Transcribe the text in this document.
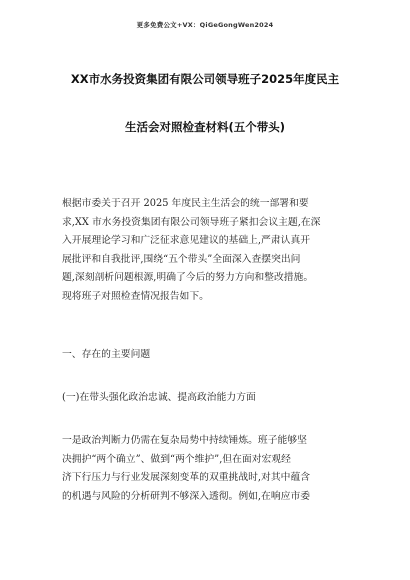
更多免费公文+VX：QiGeGongWen2024
XX市水务投资集团有限公司领导班子2025年度民主
生活会对照检查材料(五个带头)
根据市委关于召开 2025 年度民主生活会的统一部署和要
求,XX 市水务投资集团有限公司领导班子紧扣会议主题,在深
入开展理论学习和广泛征求意见建议的基础上,严肃认真开
展批评和自我批评,围绕“五个带头”全面深入查摆突出问
题,深刻剖析问题根源,明确了今后的努力方向和整改措施。
现将班子对照检查情况报告如下。
一、存在的主要问题
(一)在带头强化政治忠诚、提高政治能力方面
一是政治判断力仍需在复杂局势中持续锤炼。班子能够坚
决拥护“两个确立”、做到“两个维护”,但在面对宏观经
济下行压力与行业发展深刻变革的双重挑战时,对其中蕴含
的机遇与风险的分析研判不够深入透彻。例如,在响应市委
